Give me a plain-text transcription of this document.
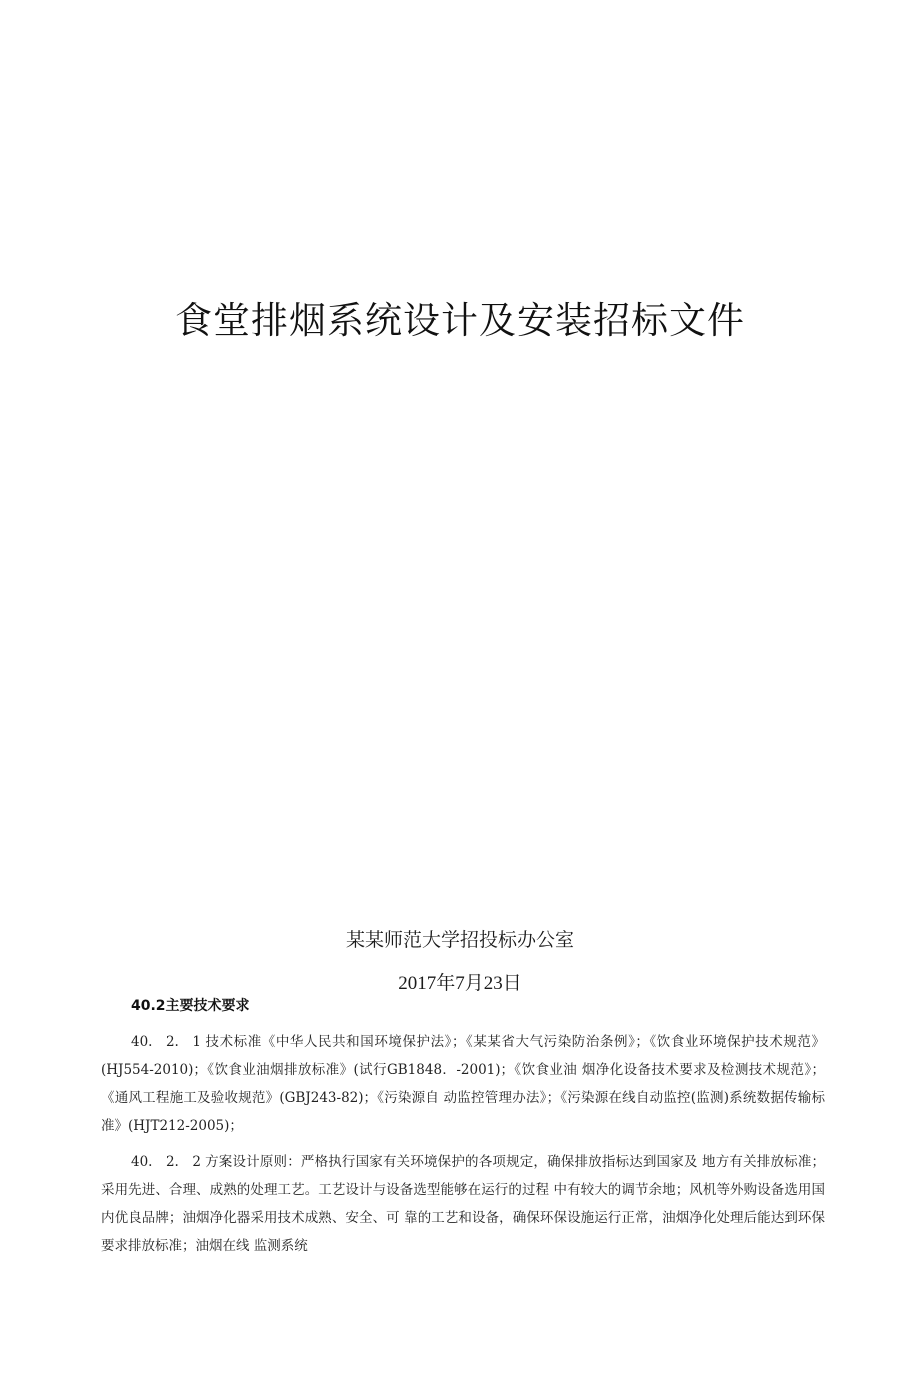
食堂排烟系统设计及安装招标文件
某某师范大学招投标办公室
2017年7月23日
40.2主要技术要求

40.　2.　1 技术标准《中华人民共和国环境保护法》；《某某省大气污染防治条例》；《饮食业环境保护技术规范》(HJ554-2010)；《饮食业油烟排放标准》(试行GB1848．-2001)；《饮食业油 烟净化设备技术要求及检测技术规范》；《通风工程施工及验收规范》(GBJ243-82)；《污染源自 动监控管理办法》；《污染源在线自动监控(监测)系统数据传输标准》(HJT212-2005)；

40.　2.　2 方案设计原则：严格执行国家有关环境保护的各项规定，确保排放指标达到国家及 地方有关排放标准；采用先进、合理、成熟的处理工艺。工艺设计与设备选型能够在运行的过程 中有较大的调节余地；风机等外购设备选用国内优良品牌；油烟净化器采用技术成熟、安全、可 靠的工艺和设备，确保环保设施运行正常，油烟净化处理后能达到环保要求排放标准；油烟在线 监测系统
